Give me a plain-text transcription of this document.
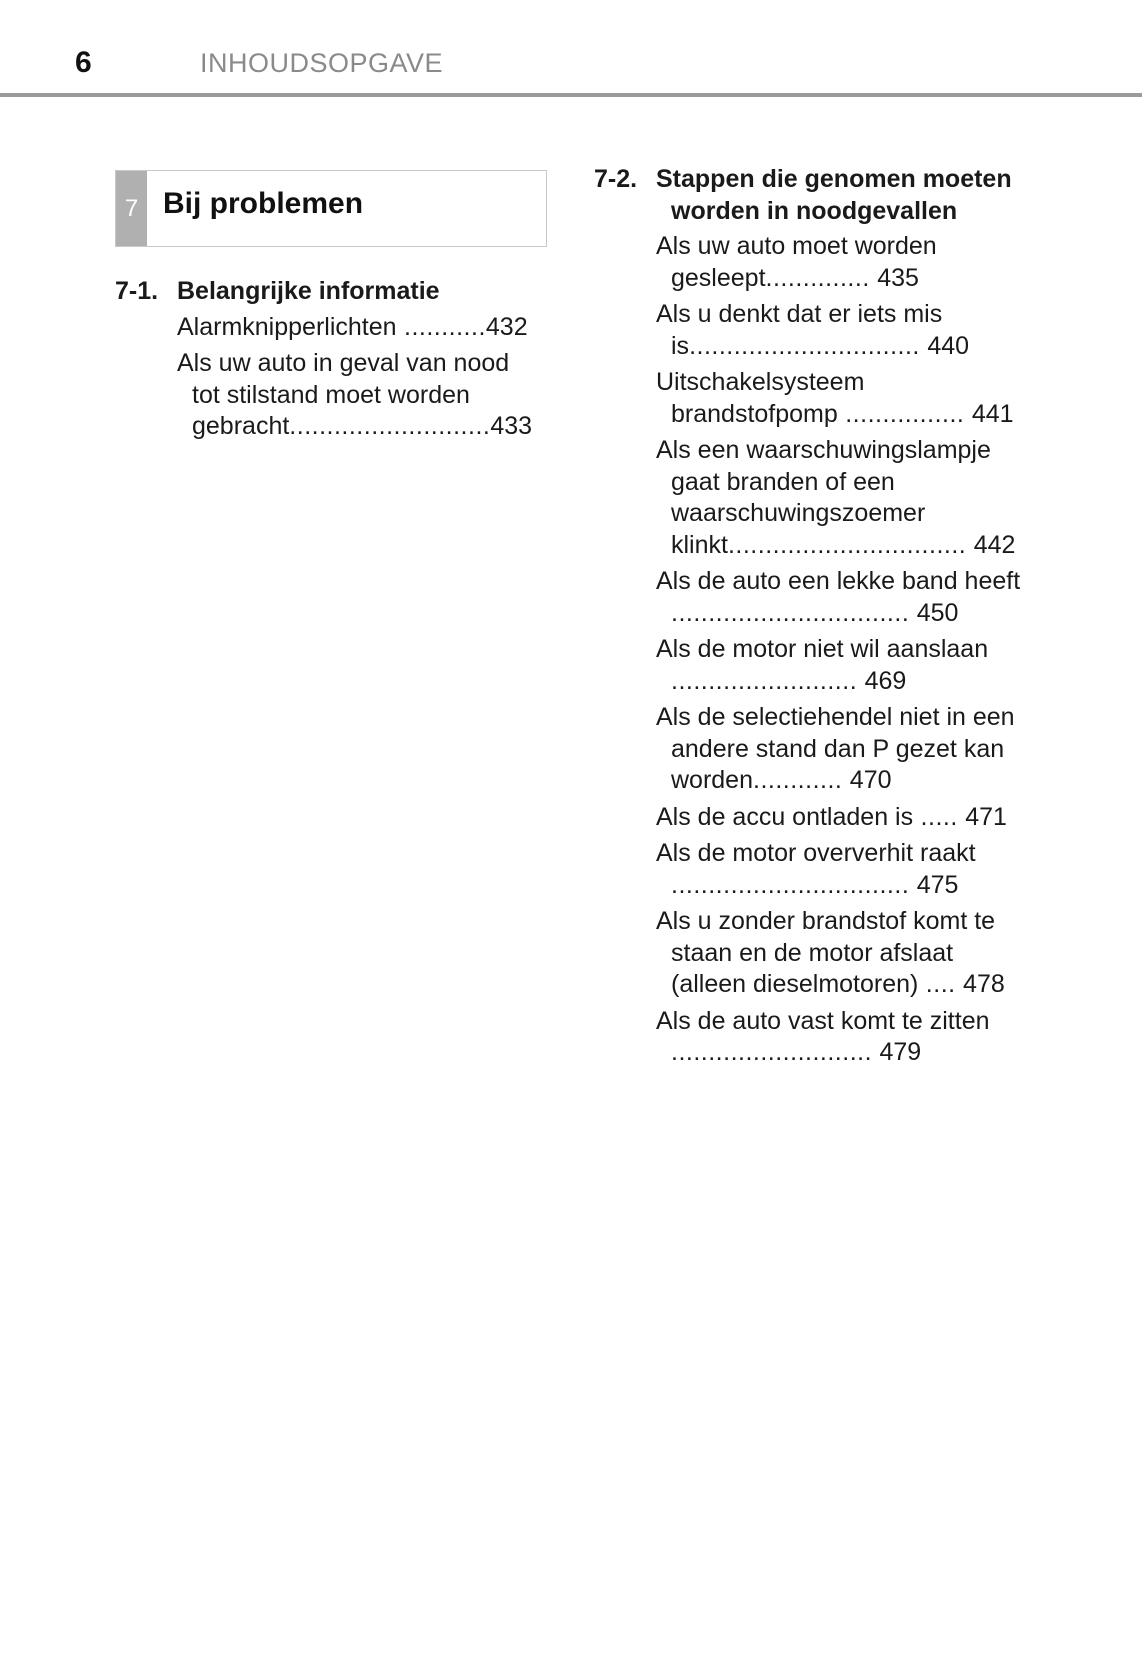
6	INHOUDSOPGAVE
7 Bij problemen
7-1. Belangrijke informatie
Alarmknipperlichten ...........432
Als uw auto in geval van nood tot stilstand moet worden gebracht...........................433
7-2. Stappen die genomen moeten worden in noodgevallen
Als uw auto moet worden gesleept.............. 435
Als u denkt dat er iets mis is............................... 440
Uitschakelsysteem brandstofpomp ................ 441
Als een waarschuwingslampje gaat branden of een waarschuwingszoemer klinkt................................ 442
Als de auto een lekke band heeft ................................ 450
Als de motor niet wil aanslaan ......................... 469
Als de selectiehendel niet in een andere stand dan P gezet kan worden............ 470
Als de accu ontladen is ..... 471
Als de motor oververhit raakt ................................ 475
Als u zonder brandstof komt te staan en de motor afslaat (alleen dieselmotoren) .... 478
Als de auto vast komt te zitten ........................... 479
